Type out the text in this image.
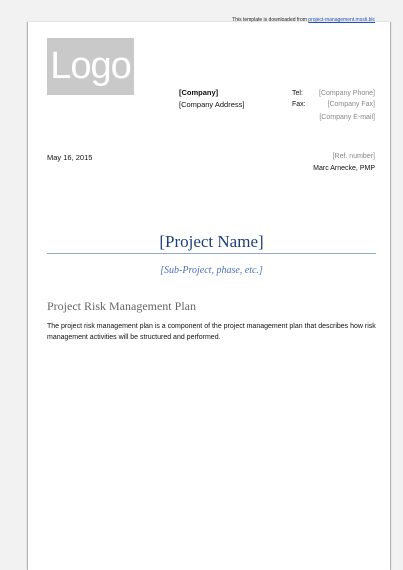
This template is downloaded from project-management.mssti.blc
Logo
[Company]
[Company Address]
Tel:
Fax:
[Company Phone]
[Company Fax]
[Company E-mail]
May 16, 2015	[Ref. number]
Marc Arnecke, PMP
[Project Name]
[Sub-Project, phase, etc.]
Project Risk Management Plan
The project risk management plan is a component of the project management plan that describes how risk management activities will be structured and performed.
